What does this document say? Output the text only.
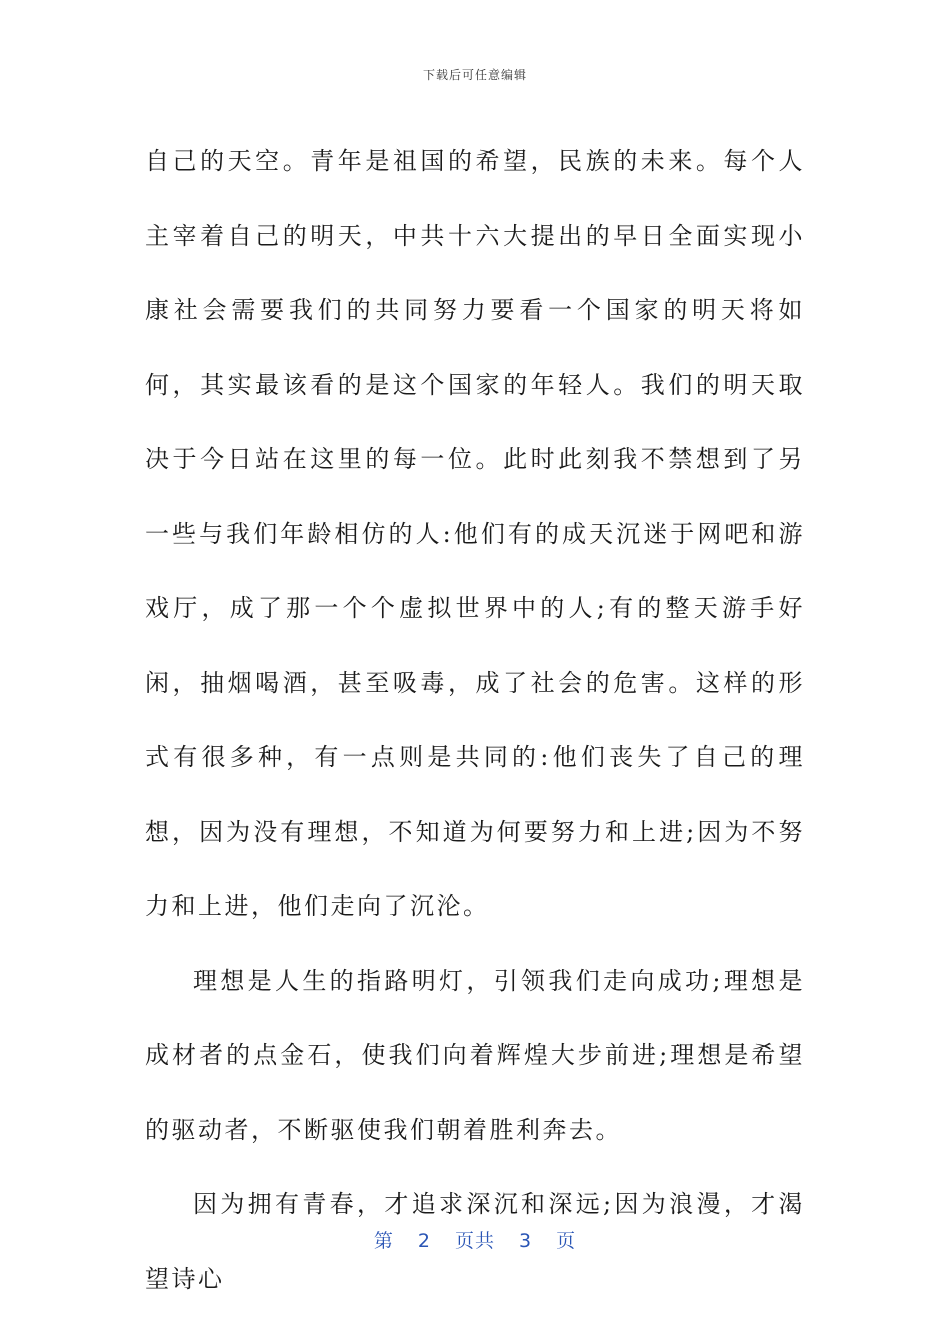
下载后可任意编辑

自己的天空。青年是祖国的希望，民族的未来。每个人主宰着自己的明天，中共十六大提出的早日全面实现小康社会需要我们的共同努力要看一个国家的明天将如何，其实最该看的是这个国家的年轻人。我们的明天取决于今日站在这里的每一位。此时此刻我不禁想到了另一些与我们年龄相仿的人:他们有的成天沉迷于网吧和游戏厅，成了那一个个虚拟世界中的人;有的整天游手好闲，抽烟喝酒，甚至吸毒，成了社会的危害。这样的形式有很多种，有一点则是共同的:他们丧失了自己的理想，因为没有理想，不知道为何要努力和上进;因为不努力和上进，他们走向了沉沦。

理想是人生的指路明灯，引领我们走向成功;理想是成材者的点金石，使我们向着辉煌大步前进;理想是希望的驱动者，不断驱使我们朝着胜利奔去。

因为拥有青春，才追求深沉和深远;因为浪漫，才渴望诗心

第 2 页共 3 页
